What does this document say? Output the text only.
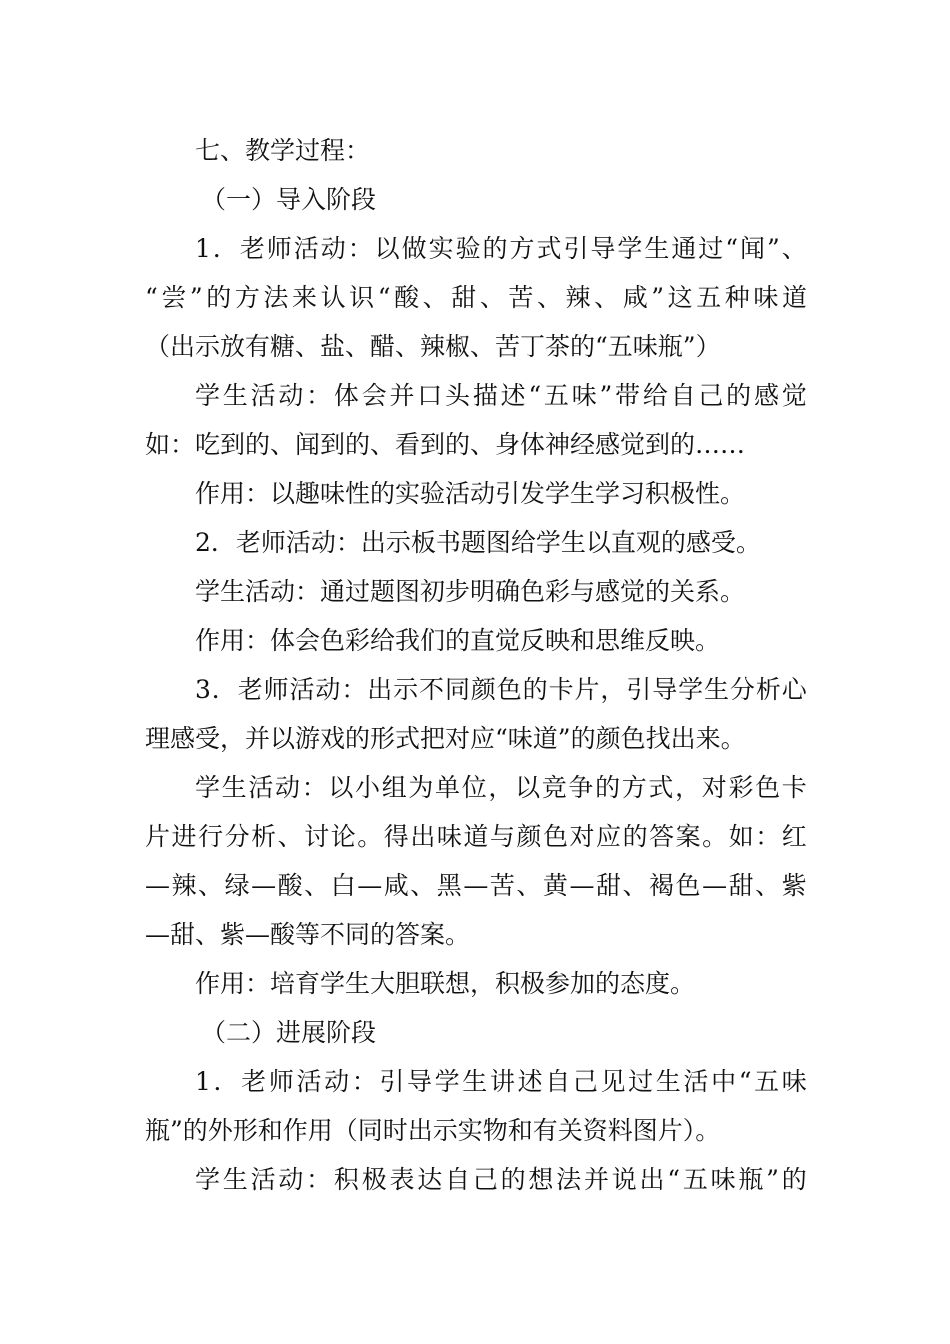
七、教学过程：
（一）导入阶段
1 ． 老 师 活 动 ： 以 做 实 验 的 方 式 引 导 学 生 通 过 “ 闻 ” 、
“ 尝 ” 的 方 法 来 认 识 “ 酸 、 甜 、 苦 、 辣 、 咸 ” 这 五 种 味 道
（出示放有糖、盐、醋、辣椒、苦丁茶的“五味瓶”）
学 生 活 动 ： 体 会 并 口 头 描 述 “ 五 味 ” 带 给 自 己 的 感 觉
如：吃到的、闻到的、看到的、身体神经感觉到的……
作用：以趣味性的实验活动引发学生学习积极性。
2．老师活动：出示板书题图给学生以直观的感受。
学生活动：通过题图初步明确色彩与感觉的关系。
作用：体会色彩给我们的直觉反映和思维反映。
3 ． 老 师 活 动 ： 出 示 不 同 颜 色 的 卡 片 ， 引 导 学 生 分 析 心
理感受，并以游戏的形式把对应“味道”的颜色找出来。
学 生 活 动 ： 以 小 组 为 单 位 ， 以 竞 争 的 方 式 ， 对 彩 色 卡
片 进 行 分 析 、 讨 论 。 得 出 味 道 与 颜 色 对 应 的 答 案 。 如 ： 红
— 辣 、 绿 — 酸 、 白 — 咸 、 黑 — 苦 、 黄 — 甜 、 褐 色 — 甜 、 紫
—甜、紫—酸等不同的答案。
作用：培育学生大胆联想，积极参加的态度。
（二）进展阶段
1 ． 老 师 活 动 ： 引 导 学 生 讲 述 自 己 见 过 生 活 中 “ 五 味
瓶”的外形和作用（同时出示实物和有关资料图片）。
学 生 活 动 ： 积 极 表 达 自 己 的 想 法 并 说 出 “ 五 味 瓶 ” 的
